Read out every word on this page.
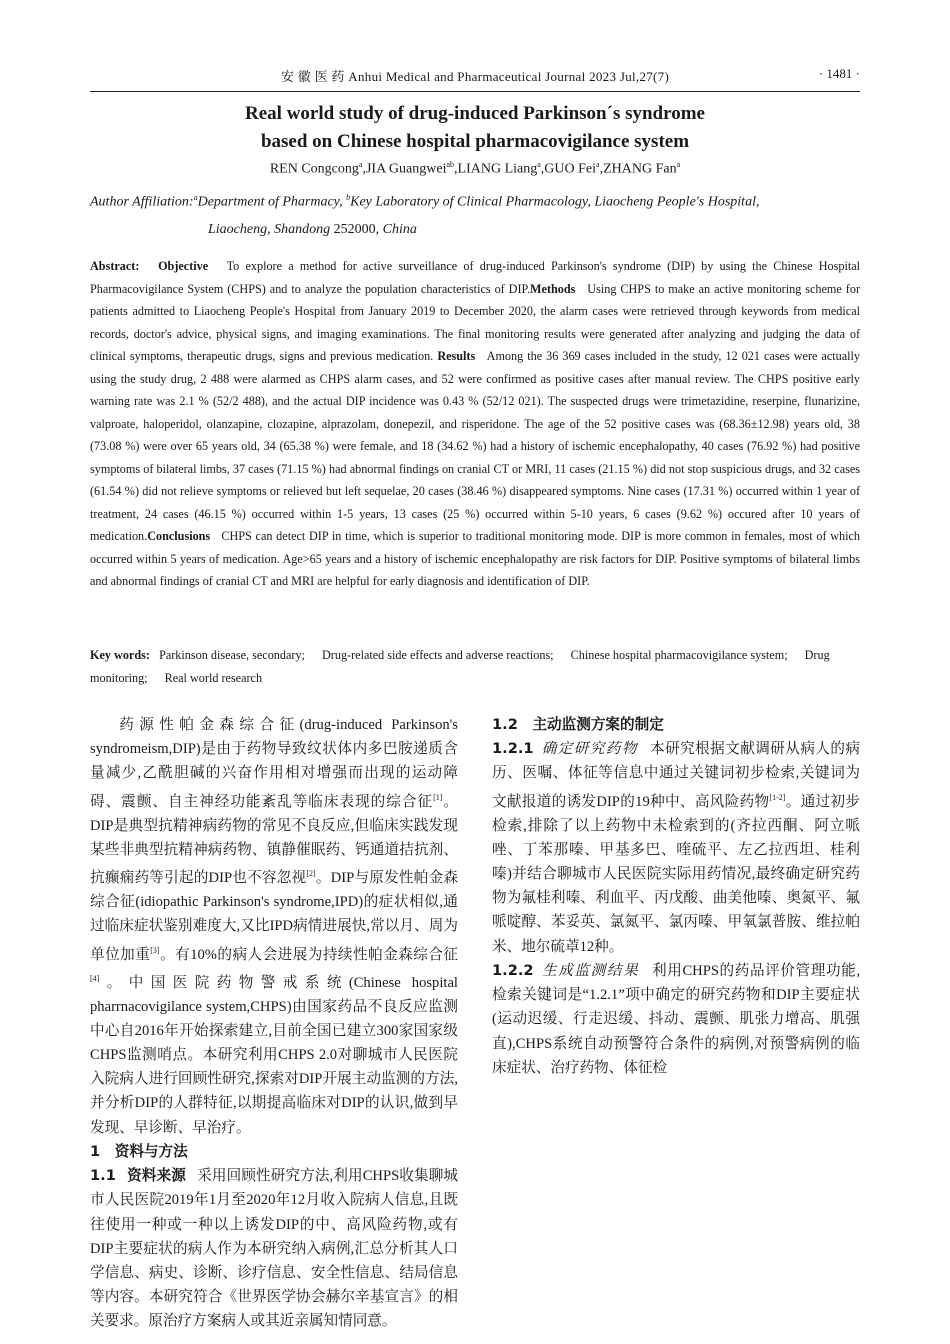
安 徽 医 药 Anhui Medical and Pharmaceutical Journal 2023 Jul,27(7)	· 1481 ·
Real world study of drug-induced Parkinson´s syndrome
based on Chinese hospital pharmacovigilance system
REN Congcong$^a$,JIA Guangwei$^{ab}$,LIANG Liang$^a$,GUO Fei$^a$,ZHANG Fan$^a$
Author Affiliation:$^a$Department of Pharmacy, $^b$Key Laboratory of Clinical Pharmacology, Liaocheng People's Hospital,
Liaocheng, Shandong 252000, China
Abstract: Objective To explore a method for active surveillance of drug-induced Parkinson's syndrome (DIP) by using the Chinese Hospital Pharmacovigilance System (CHPS) and to analyze the population characteristics of DIP.Methods Using CHPS to make an active monitoring scheme for patients admitted to Liaocheng People's Hospital from January 2019 to December 2020, the alarm cases were retrieved through keywords from medical records, doctor's advice, physical signs, and imaging examinations. The final monitoring results were generated after analyzing and judging the data of clinical symptoms, therapeutic drugs, signs and previous medication. Results Among the 36 369 cases included in the study, 12 021 cases were actually using the study drug, 2 488 were alarmed as CHPS alarm cases, and 52 were confirmed as positive cases after manual review. The CHPS positive early warning rate was 2.1 % (52/2 488), and the actual DIP incidence was 0.43 % (52/12 021). The suspected drugs were trimetazidine, reserpine, flunarizine, valproate, haloperidol, olanzapine, clozapine, alprazolam, donepezil, and risperidone. The age of the 52 positive cases was (68.36±12.98) years old, 38 (73.08 %) were over 65 years old, 34 (65.38 %) were female, and 18 (34.62 %) had a history of ischemic encephalopathy, 40 cases (76.92 %) had positive symptoms of bilateral limbs, 37 cases (71.15 %) had abnormal findings on cranial CT or MRI, 11 cases (21.15 %) did not stop suspicious drugs, and 32 cases (61.54 %) did not relieve symptoms or relieved but left sequelae, 20 cases (38.46 %) disappeared symptoms. Nine cases (17.31 %) occurred within 1 year of treatment, 24 cases (46.15 %) occurred within 1-5 years, 13 cases (25 %) occurred within 5-10 years, 6 cases (9.62 %) occured after 10 years of medication.Conclusions CHPS can detect DIP in time, which is superior to traditional monitoring mode. DIP is more common in females, most of which occurred within 5 years of medication. Age>65 years and a history of ischemic encephalopathy are risk factors for DIP. Positive symptoms of bilateral limbs and abnormal findings of cranial CT and MRI are helpful for early diagnosis and identification of DIP.
Key words: Parkinson disease, secondary; Drug-related side effects and adverse reactions; Chinese hospital pharmacovigilance system; Drug monitoring; Real world research

药源性帕金森综合征(drug-induced Parkinson's syndromeism,DIP)是由于药物导致纹状体内多巴胺递质含量减少,乙酰胆碱的兴奋作用相对增强而出现的运动障碍、震颤、自主神经功能紊乱等临床表现的综合征[1]。DIP是典型抗精神病药物的常见不良反应,但临床实践发现某些非典型抗精神病药物、镇静催眠药、钙通道拮抗剂、抗癫痫药等引起的DIP也不容忽视[2]。DIP与原发性帕金森综合征(idiopathic Parkinson's syndrome,IPD)的症状相似,通过临床症状鉴别难度大,又比IPD病情进展快,常以月、周为单位加重[3]。有10%的病人会进展为持续性帕金森综合征[4]。中国医院药物警戒系统(Chinese hospital pharrnacovigilance system,CHPS)由国家药品不良反应监测中心自2016年开始探索建立,目前全国已建立300家国家级CHPS监测哨点。本研究利用CHPS 2.0对聊城市人民医院入院病人进行回顾性研究,探索对DIP开展主动监测的方法,并分析DIP的人群特征,以期提高临床对DIP的认识,做到早发现、早诊断、早治疗。

1　资料与方法

1.1 资料来源 采用回顾性研究方法,利用CHPS收集聊城市人民医院2019年1月至2020年12月收入院病人信息,且既往使用一种或一种以上诱发DIP的中、高风险药物,或有DIP主要症状的病人作为本研究纳入病例,汇总分析其人口学信息、病史、诊断、诊疗信息、安全性信息、结局信息等内容。本研究符合《世界医学协会赫尔辛基宣言》的相关要求。原治疗方案病人或其近亲属知情同意。

1.2　主动监测方案的制定

1.2.1 确定研究药物 本研究根据文献调研从病人的病历、医嘱、体征等信息中通过关键词初步检索,关键词为文献报道的诱发DIP的19种中、高风险药物[1-2]。通过初步检索,排除了以上药物中未检索到的(齐拉西酮、阿立哌唑、丁苯那嗪、甲基多巴、喹硫平、左乙拉西坦、桂利嗪)并结合聊城市人民医院实际用药情况,最终确定研究药物为氟桂利嗪、利血平、丙戊酸、曲美他嗪、奥氮平、氟哌啶醇、苯妥英、氯氮平、氯丙嗪、甲氧氯普胺、维拉帕米、地尔硫䓬12种。

1.2.2 生成监测结果 利用CHPS的药品评价管理功能,检索关键词是“1.2.1”项中确定的研究药物和DIP主要症状(运动迟缓、行走迟缓、抖动、震颤、肌张力增高、肌强直),CHPS系统自动预警符合条件的病例,对预警病例的临床症状、治疗药物、体征检
